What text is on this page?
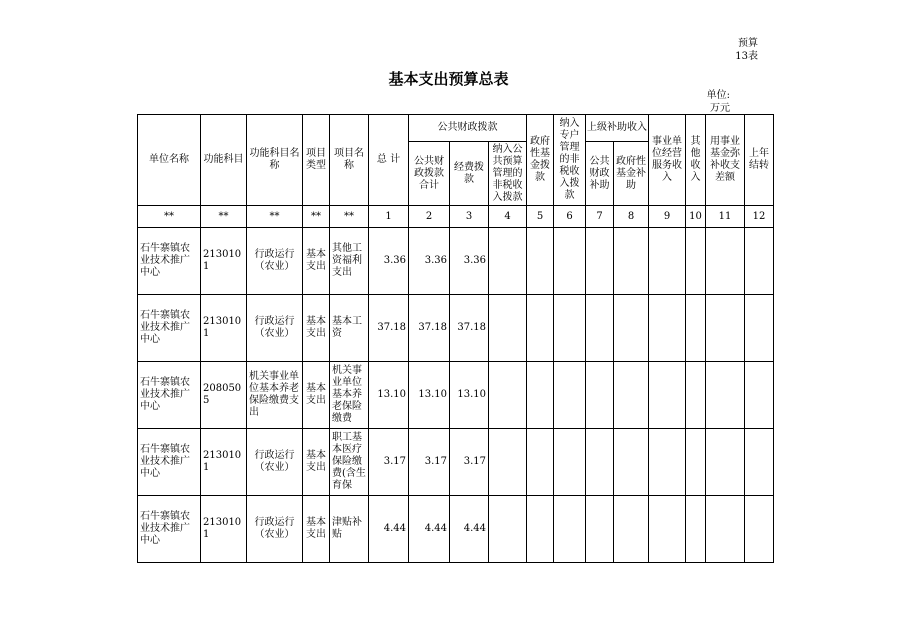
预算
13表
基本支出预算总表
单位:
万元
单位名称	功能科目	功能科目名称	项目类型	项目名称	总 计	公共财政拨款			政府性基金拨款	纳入专户管理的非税收入拨款	上级补助收入		事业单位经营服务收入	其他收入	用事业基金弥补收支差额	上年结转
						公共财政拨款合计	经费拨款	纳入公共预算管理的非税收入拨款			公共财政补助	政府性基金补助				
**	**	**	**	**	1	2	3	4	5	6	7	8	9	10	11	12
石牛寨镇农业技术推广中心	2130101	行政运行（农业）	基本支出	其他工资福利支出	3.36	3.36	3.36									
石牛寨镇农业技术推广中心	2130101	行政运行（农业）	基本支出	基本工资	37.18	37.18	37.18									
石牛寨镇农业技术推广中心	2080505	机关事业单位基本养老保险缴费支出	基本支出	机关事业单位基本养老保险缴费	13.10	13.10	13.10									
石牛寨镇农业技术推广中心	2130101	行政运行（农业）	基本支出	职工基本医疗保险缴费(含生育保	3.17	3.17	3.17									
石牛寨镇农业技术推广中心	2130101	行政运行（农业）	基本支出	津贴补贴	4.44	4.44	4.44									
